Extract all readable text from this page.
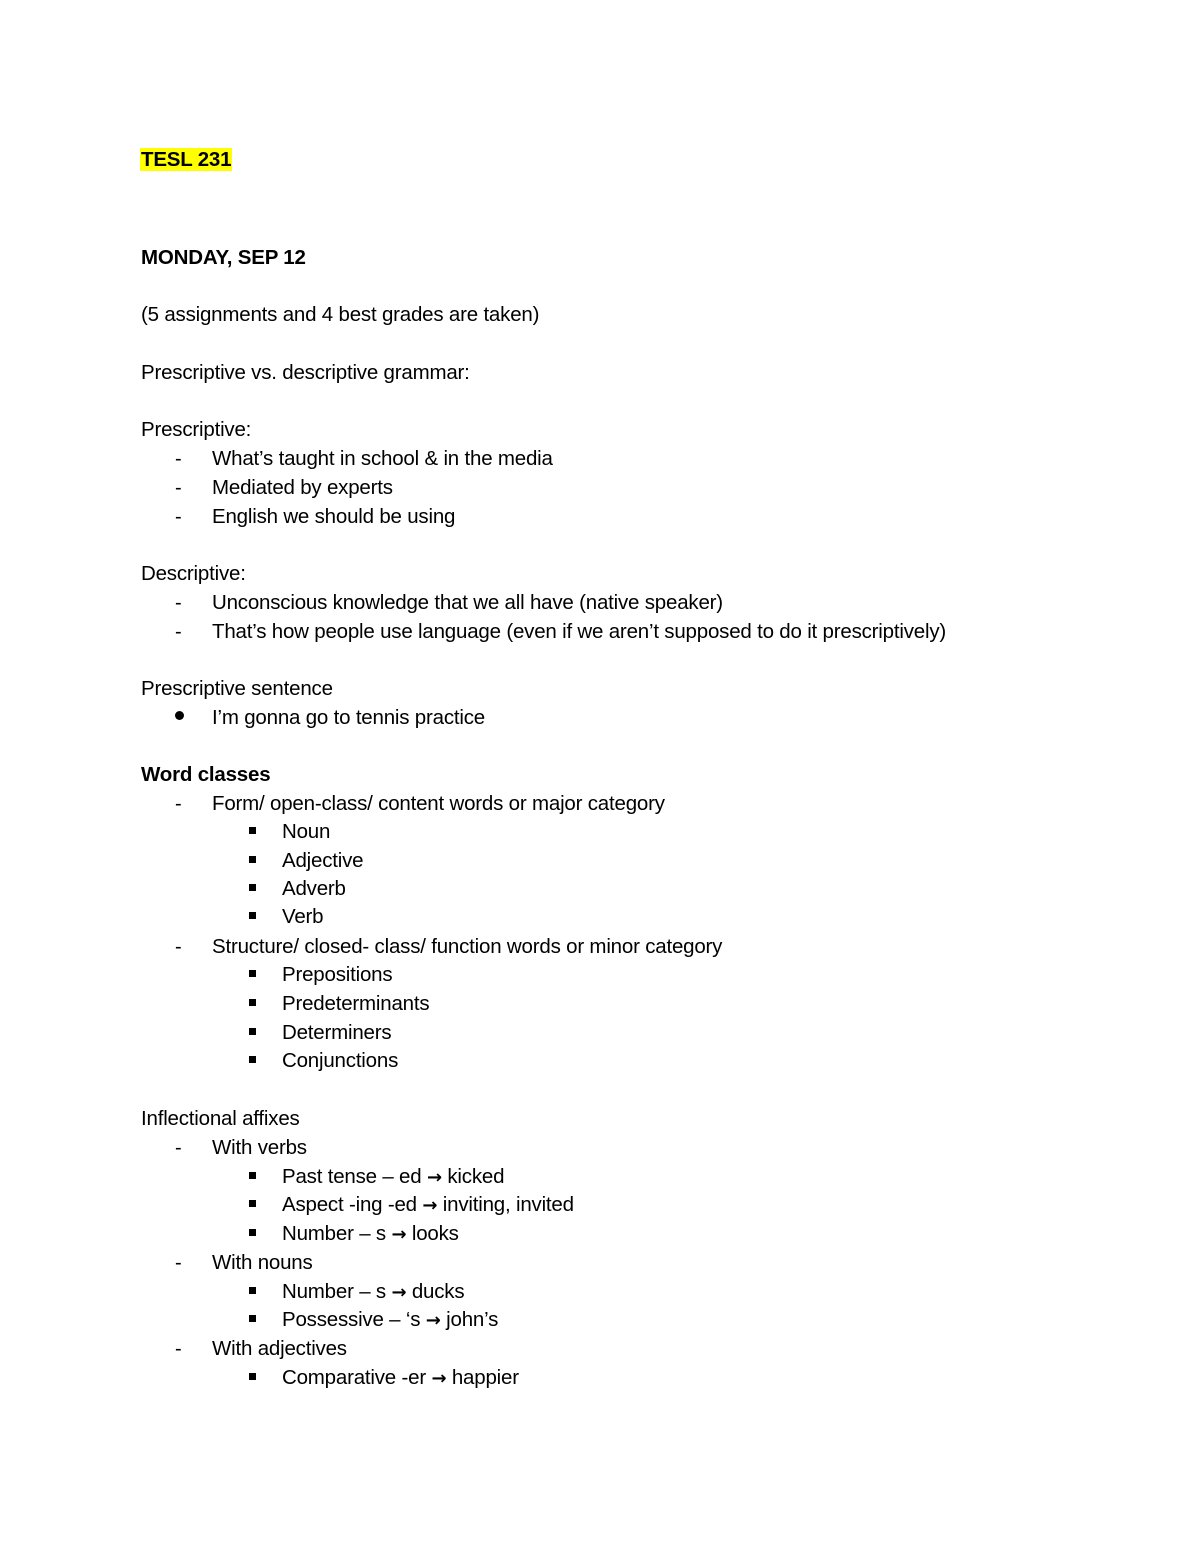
TESL 231
MONDAY, SEP 12
(5 assignments and 4 best grades are taken)
Prescriptive vs. descriptive grammar:
Prescriptive:
- What’s taught in school & in the media
- Mediated by experts
- English we should be using
Descriptive:
- Unconscious knowledge that we all have (native speaker)
- That’s how people use language (even if we aren’t supposed to do it prescriptively)
Prescriptive sentence
I’m gonna go to tennis practice
Word classes
- Form/ open-class/ content words or major category
Noun
Adjective
Adverb
Verb
- Structure/ closed- class/ function words or minor category
Prepositions
Predeterminants
Determiners
Conjunctions
Inflectional affixes
- With verbs
Past tense – ed → kicked
Aspect -ing -ed → inviting, invited
Number – s → looks
- With nouns
Number – s → ducks
Possessive – ‘s → john’s
- With adjectives
Comparative -er → happier
